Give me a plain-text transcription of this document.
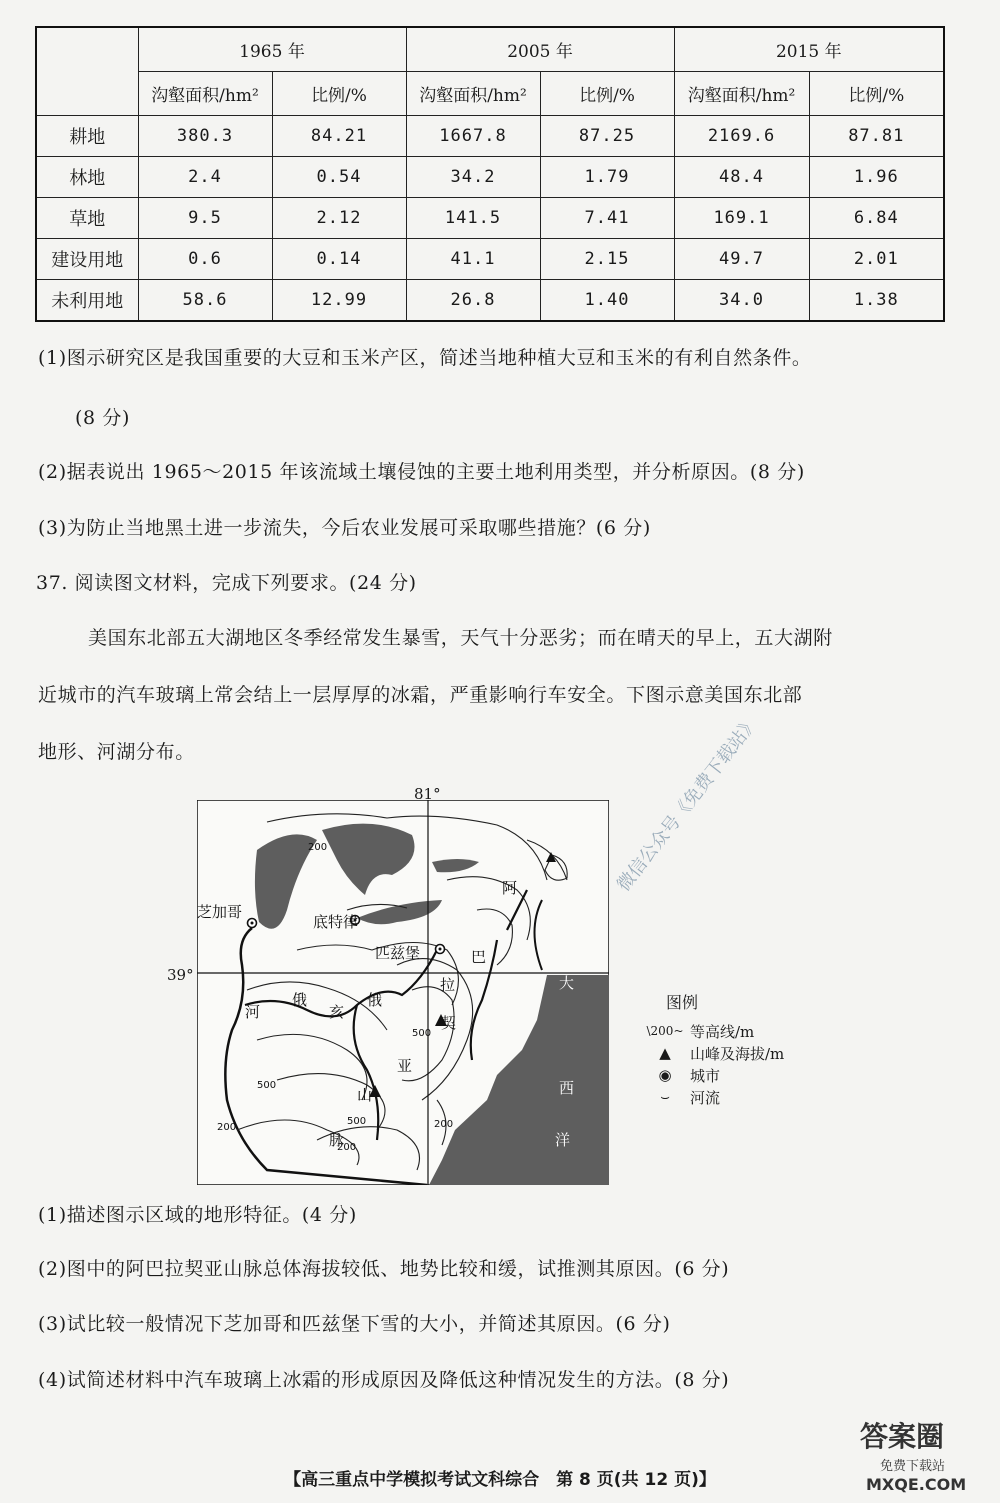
	1965 年		2005 年		2015 年	
	沟壑面积/hm²	比例/%	沟壑面积/hm²	比例/%	沟壑面积/hm²	比例/%
耕地	380.3	84.21	1667.8	87.25	2169.6	87.81
林地	2.4	0.54	34.2	1.79	48.4	1.96
草地	9.5	2.12	141.5	7.41	169.1	6.84
建设用地	0.6	0.14	41.1	2.15	49.7	2.01
未利用地	58.6	12.99	26.8	1.40	34.0	1.38
(1)图示研究区是我国重要的大豆和玉米产区，简述当地种植大豆和玉米的有利自然条件。
(8 分)
(2)据表说出 1965～2015 年该流域土壤侵蚀的主要土地利用类型，并分析原因。(8 分)
(3)为防止当地黑土进一步流失，今后农业发展可采取哪些措施？(6 分)
37. 阅读图文材料，完成下列要求。(24 分)
美国东北部五大湖地区冬季经常发生暴雪，天气十分恶劣；而在晴天的早上，五大湖附
近城市的汽车玻璃上常会结上一层厚厚的冰霜，严重影响行车安全。下图示意美国东北部
地形、河湖分布。
芝加哥
底特律
匹兹堡
河
俄
亥
俄
阿
巴
拉
契
亚
山
脉
大
西
洋
200
200
500
500
200
500
200
81°
39°
图例
\200~ 等高线/m
▲	山峰及海拔/m
◉	城市
⌣	河流
微信公众号《免费下载站》
(1)描述图示区域的地形特征。(4 分)
(2)图中的阿巴拉契亚山脉总体海拔较低、地势比较和缓，试推测其原因。(6 分)
(3)试比较一般情况下芝加哥和匹兹堡下雪的大小，并简述其原因。(6 分)
(4)试简述材料中汽车玻璃上冰霜的形成原因及降低这种情况发生的方法。(8 分)
【高三重点中学模拟考试文科综合　第 8 页(共 12 页)】
答案圈
免费下载站
MXQE.COM
